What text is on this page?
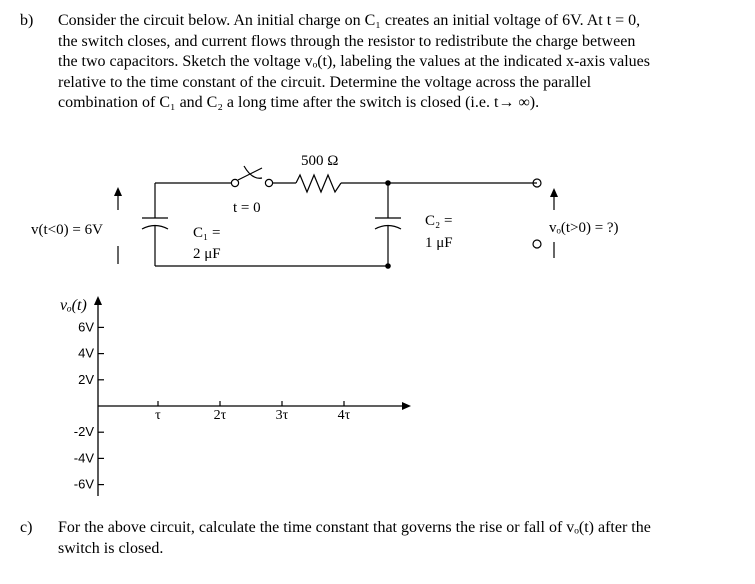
b) Consider the circuit below. An initial charge on C₁ creates an initial voltage of 6V. At t = 0,
the switch closes, and current flows through the resistor to redistribute the charge between
the two capacitors. Sketch the voltage vₒ(t), labeling the values at the indicated x-axis values
relative to the time constant of the circuit. Determine the voltage across the parallel
combination of C₁ and C₂ a long time after the switch is closed (i.e. t→ ∞).
500 Ω
t = 0
v(t<0) = 6V	C₁ =
2 μF
C₂ =
1 μF
vₒ(t>0) = ?)
vₒ(t)
6V
4V
2V
-2V
-4V
-6V
τ	2τ	3τ	4τ
c) For the above circuit, calculate the time constant that governs the rise or fall of vₒ(t) after the
switch is closed.
